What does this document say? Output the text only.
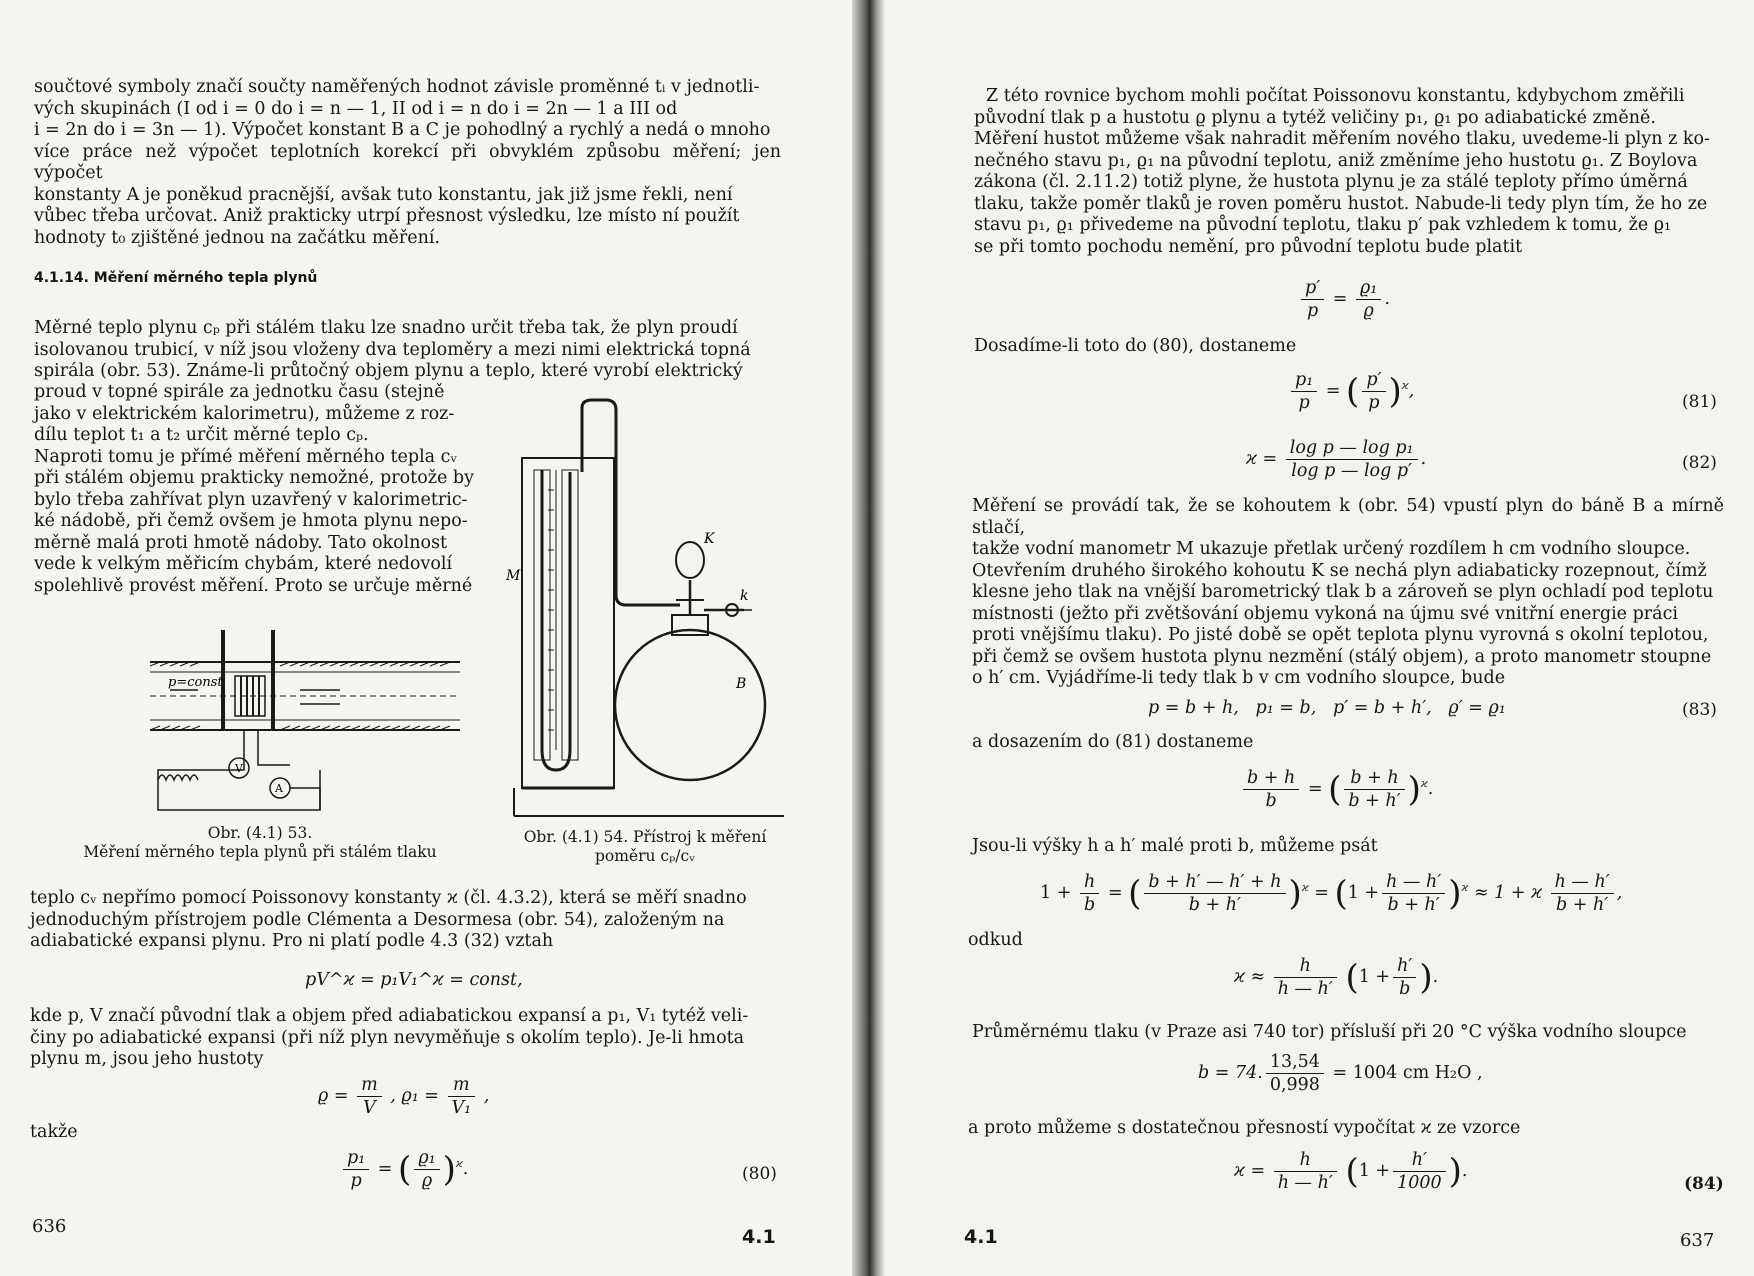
součtové symboly značí součty naměřených hodnot závisle proměnné tᵢ v jednotli-
vých skupinách (I od i = 0 do i = n — 1, II od i = n do i = 2n — 1 a III od
i = 2n do i = 3n — 1). Výpočet konstant B a C je pohodlný a rychlý a nedá o mnoho
více práce než výpočet teplotních korekcí při obvyklém způsobu měření; jen výpočet
konstanty A je poněkud pracnější, avšak tuto konstantu, jak již jsme řekli, není
vůbec třeba určovat. Aniž prakticky utrpí přesnost výsledku, lze místo ní použít
hodnoty t₀ zjištěné jednou na začátku měření.

4.1.14. Měření měrného tepla plynů

Měrné teplo plynu cₚ při stálém tlaku lze snadno určit třeba tak, že plyn proudí
isolovanou trubicí, v níž jsou vloženy dva teploměry a mezi nimi elektrická topná
spirála (obr. 53). Známe-li průtočný objem plynu a teplo, které vyrobí elektrický

proud v topné spirále za jednotku času (stejně
jako v elektrickém kalorimetru), můžeme z roz-
dílu teplot t₁ a t₂ určit měrné teplo cₚ.
Naproti tomu je přímé měření měrného tepla cᵥ
při stálém objemu prakticky nemožné, protože by
bylo třeba zahřívat plyn uzavřený v kalorimetric-
ké nádobě, při čemž ovšem je hmota plynu nepo-
měrně malá proti hmotě nádoby. Tato okolnost
vede k velkým měřicím chybám, které nedovolí
spolehlivě provést měření. Proto se určuje měrné

p=const
V
A
M
K
k
B
Obr. (4.1) 53.
Měření měrného tepla plynů při stálém tlaku
Obr. (4.1) 54. Přístroj k měření
poměru cₚ/cᵥ

teplo cᵥ nepřímo pomocí Poissonovy konstanty ϰ (čl. 4.3.2), která se měří snadno
jednoduchým přístrojem podle Clémenta a Desormesa (obr. 54), založeným na
adiabatické expansi plynu. Pro ni platí podle 4.3 (32) vztah

pV^ϰ = p₁V₁^ϰ = const,

kde p, V značí původní tlak a objem před adiabatickou expansí a p₁, V₁ tytéž veli-
činy po adiabatické expansi (při níž plyn nevyměňuje s okolím teplo). Je-li hmota
plynu m, jsou jeho hustoty

$ϱ = \frac{m}{V}$ , $ϱ_1 = \frac{m}{\text{V₁}}$ ,
takže
$\frac{\text{p₁}}{p}$ = ( $\frac{\text{ϱ₁}}{ϱ} )^ϰ$.	(80)
636	4.1

Z této rovnice bychom mohli počítat Poissonovu konstantu, kdybychom změřili
původní tlak p a hustotu ϱ plynu a tytéž veličiny p₁, ϱ₁ po adiabatické změně.
Měření hustot můžeme však nahradit měřením nového tlaku, uvedeme-li plyn z ko-
nečného stavu p₁, ϱ₁ na původní teplotu, aniž změníme jeho hustotu ϱ₁. Z Boylova
zákona (čl. 2.11.2) totiž plyne, že hustota plynu je za stálé teploty přímo úměrná
tlaku, takže poměr tlaků je roven poměru hustot. Nabude-li tedy plyn tím, že ho ze
stavu p₁, ϱ₁ přivedeme na původní teplotu, tlaku p′ pak vzhledem k tomu, že ϱ₁
se při tomto pochodu nemění, pro původní teplotu bude platit

$\frac{p'}{p} = \frac{\text{ϱ₁}}{ϱ}$ .
Dosadíme-li toto do (80), dostaneme
$\frac{\text{p₁}}{p}$ = ( $\frac{p'}{p} )^ϰ$,
(81)
$ϰ = \frac{\text{log p — log p₁}}{\text{log p — log p′}}$ .	(82)

Měření se provádí tak, že se kohoutem k (obr. 54) vpustí plyn do báně B a mírně stlačí,
takže vodní manometr M ukazuje přetlak určený rozdílem h cm vodního sloupce.
Otevřením druhého širokého kohoutu K se nechá plyn adiabaticky rozepnout, čímž
klesne jeho tlak na vnější barometrický tlak b a zároveň se plyn ochladí pod teplotu
místnosti (ježto při zvětšování objemu vykoná na újmu své vnitřní energie práci
proti vnějšímu tlaku). Po jisté době se opět teplota plynu vyrovná s okolní teplotou,
při čemž se ovšem hustota plynu nezmění (stálý objem), a proto manometr stoupne
o h′ cm. Vyjádříme-li tedy tlak b v cm vodního sloupce, bude

p = b + h,   p₁ = b,   p′ = b + h′,   ϱ′ = ϱ₁	(83)
a dosazením do (81) dostaneme
$\frac{b + h}{b}$ = ( $\frac{b + h}{b + h'} )^ϰ$.
Jsou-li výšky h a h′ malé proti b, můžeme psát
$1 + \frac{h}{b}$ = ( $\frac{b + h' — h' + h}{b + h'} )^ϰ = (1 + \frac{h — h'}{b + h'} )^ϰ \approx 1 + ϰ \frac{h — h'}{b + h'}$ ,
odkud
$ϰ \approx \frac{h}{h — h'} (1 + \frac{h'}{b}$ ).
Průměrnému tlaku (v Praze asi 740 tor) přísluší při 20 °C výška vodního sloupce
b = 74. $\frac{13,54}{0,998} = 1004$ cm H₂O ,
a proto můžeme s dostatečnou přesností vypočítat ϰ ze vzorce
$ϰ = \frac{h}{h — h'} (1 + \frac{h'}{1000}$ ).
(84)
4.1	637
